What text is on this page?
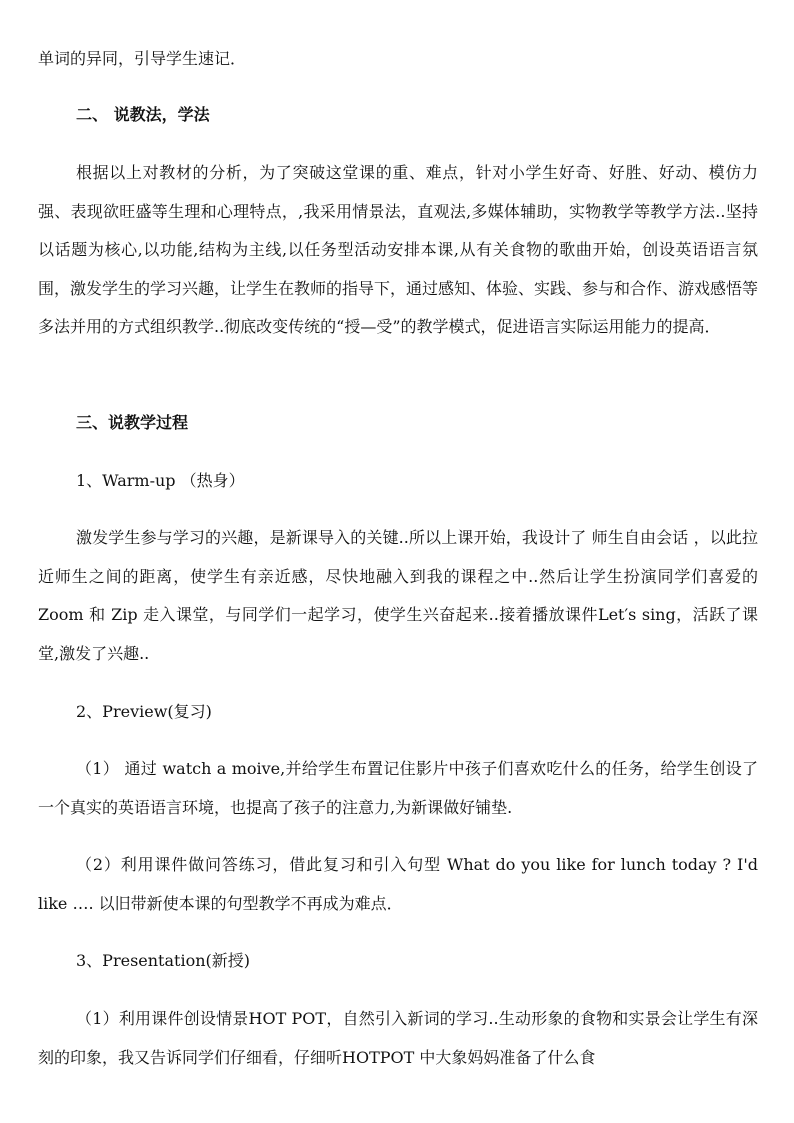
单词的异同，引导学生速记．

二、 说教法，学法

根据以上对教材的分析，为了突破这堂课的重、难点，针对小学生好奇、好胜、好动、模仿力强、表现欲旺盛等生理和心理特点，,我采用情景法，直观法,多媒体辅助，实物教学等教学方法..坚持以话题为核心,以功能,结构为主线,以任务型活动安排本课,从有关食物的歌曲开始，创设英语语言氛围，激发学生的学习兴趣，让学生在教师的指导下，通过感知、体验、实践、参与和合作、游戏感悟等多法并用的方式组织教学..彻底改变传统的“授—受”的教学模式，促进语言实际运用能力的提高．

三、说教学过程

1、Warm-up （热身）

激发学生参与学习的兴趣，是新课导入的关键..所以上课开始，我设计了 师生自由会话 ，以此拉近师生之间的距离，使学生有亲近感，尽快地融入到我的课程之中..然后让学生扮演同学们喜爱的 Zoom 和 Zip 走入课堂，与同学们一起学习，使学生兴奋起来..接着播放课件Let′s sing，活跃了课堂,激发了兴趣..

2、Preview(复习)

（1） 通过 watch a moive,并给学生布置记住影片中孩子们喜欢吃什么的任务，给学生创设了一个真实的英语语言环境，也提高了孩子的注意力,为新课做好铺垫.

（2）利用课件做问答练习，借此复习和引入句型 What do you like for lunch today ? I'd like …. 以旧带新使本课的句型教学不再成为难点．

3、Presentation(新授)

（1）利用课件创设情景HOT POT，自然引入新词的学习..生动形象的食物和实景会让学生有深刻的印象，我又告诉同学们仔细看，仔细听HOTPOT 中大象妈妈准备了什么食
